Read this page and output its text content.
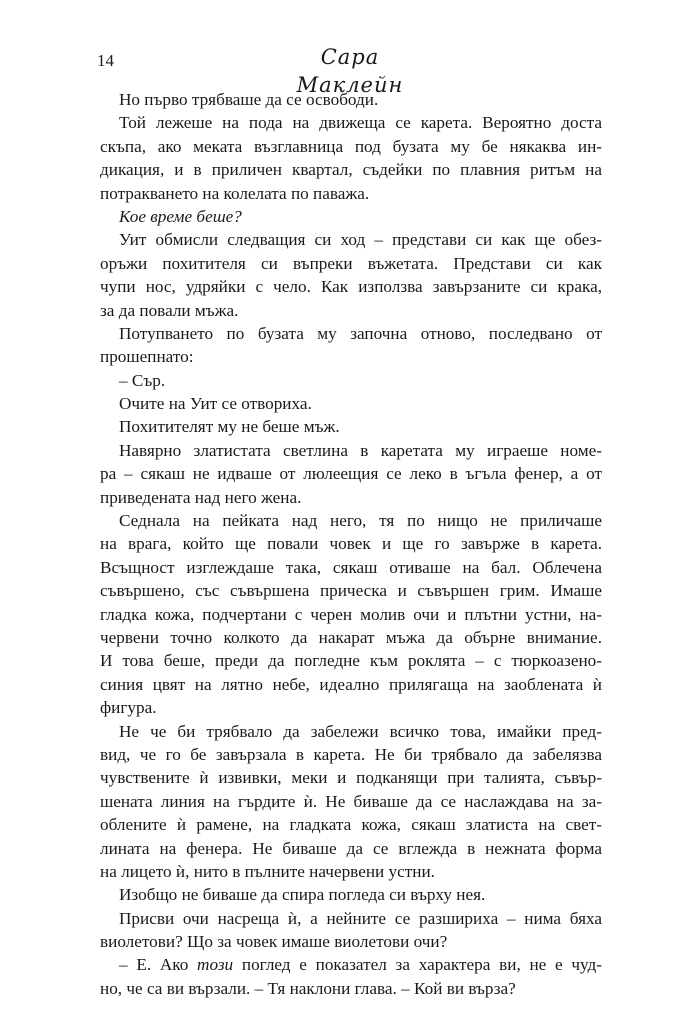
14	Сара Маклейн
Но първо трябваше да се освободи.
Той лежеше на пода на движеща се карета. Вероятно доста
скъпа, ако меката възглавница под бузата му бе някаква ин-
дикация, и в приличен квартал, съдейки по плавния ритъм на
потракването на колелата по паважа.
Кое време беше?
Уит обмисли следващия си ход – представи си как ще обез-
оръжи похитителя си въпреки въжетата. Представи си как
чупи нос, удряйки с чело. Как използва завързаните си крака,
за да повали мъжа.
Потупването по бузата му започна отново, последвано от
прошепнато:
– Сър.
Очите на Уит се отвориха.
Похитителят му не беше мъж.
Навярно златистата светлина в каретата му играеше номе-
ра – сякаш не идваше от люлеещия се леко в ъгъла фенер, а от
приведената над него жена.
Седнала на пейката над него, тя по нищо не приличаше
на врага, който ще повали човек и ще го завърже в карета.
Всъщност изглеждаше така, сякаш отиваше на бал. Облечена
съвършено, със съвършена прическа и съвършен грим. Имаше
гладка кожа, подчертани с черен молив очи и плътни устни, на-
червени точно колкото да накарат мъжа да обърне внимание.
И това беше, преди да погледне към роклята – с тюркоазено-
синия цвят на лятно небе, идеално прилягаща на заоблената ѝ
фигура.
Не че би трябвало да забележи всичко това, имайки пред-
вид, че го бе завързала в карета. Не би трябвало да забелязва
чувствените ѝ извивки, меки и подканящи при талията, съвър-
шената линия на гърдите ѝ. Не биваше да се наслаждава на за-
облените ѝ рамене, на гладката кожа, сякаш златиста на свет-
лината на фенера. Не биваше да се вглежда в нежната форма
на лицето ѝ, нито в пълните начервени устни.
Изобщо не биваше да спира погледа си върху нея.
Присви очи насреща ѝ, а нейните се разшириха – нима бяха
виолетови? Що за човек имаше виолетови очи?
– Е. Ако този поглед е показател за характера ви, не е чуд-
но, че са ви вързали. – Тя наклони глава. – Кой ви върза?
